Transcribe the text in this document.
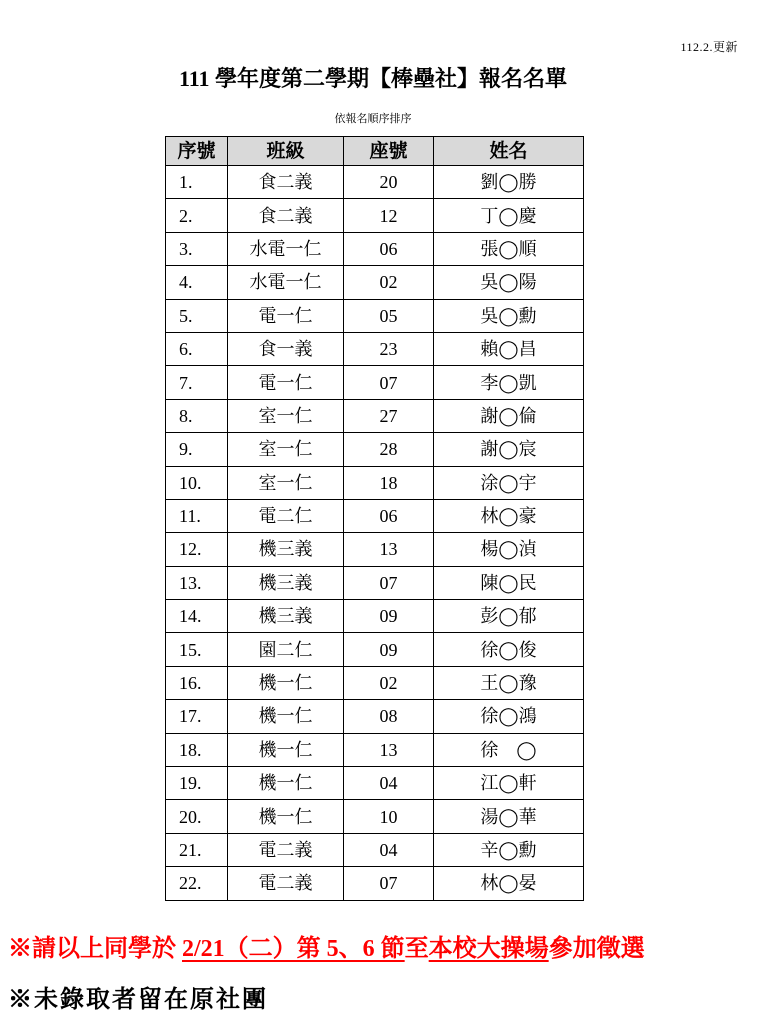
112.2.更新
111 學年度第二學期【棒壘社】報名名單
依報名順序排序
序號	班級	座號	姓名
1.	食二義	20	劉◯勝
2.	食二義	12	丁◯慶
3.	水電一仁	06	張◯順
4.	水電一仁	02	吳◯陽
5.	電一仁	05	吳◯勳
6.	食一義	23	賴◯昌
7.	電一仁	07	李◯凱
8.	室一仁	27	謝◯倫
9.	室一仁	28	謝◯宸
10.	室一仁	18	涂◯宇
11.	電二仁	06	林◯豪
12.	機三義	13	楊◯湞
13.	機三義	07	陳◯民
14.	機三義	09	彭◯郁
15.	園二仁	09	徐◯俊
16.	機一仁	02	王◯豫
17.	機一仁	08	徐◯鴻
18.	機一仁	13	徐　◯
19.	機一仁	04	江◯軒
20.	機一仁	10	湯◯華
21.	電二義	04	辛◯勳
22.	電二義	07	林◯晏
※請以上同學於 2/21（二）第 5、6 節至本校大操場參加徵選
※未錄取者留在原社團
